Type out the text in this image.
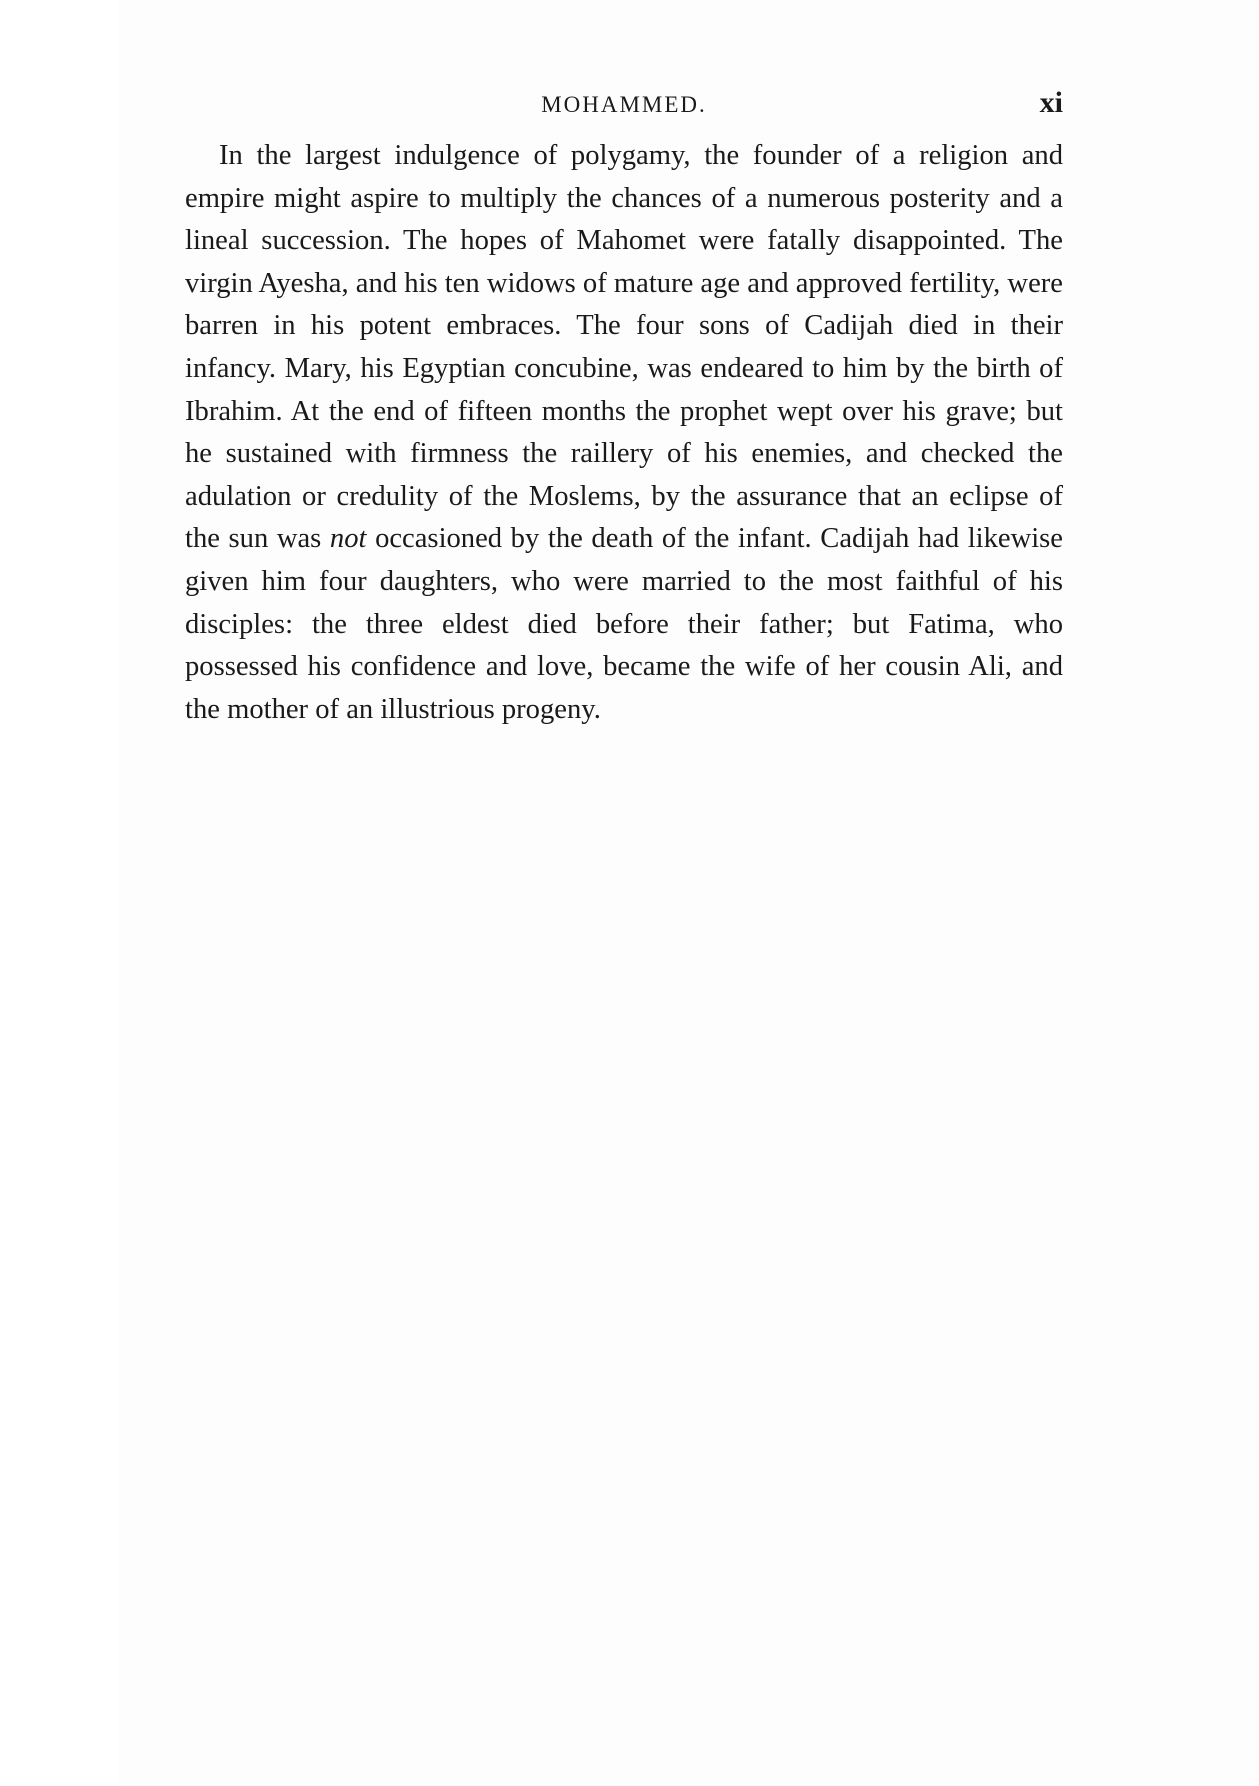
MOHAMMED.	xi

In the largest indulgence of polygamy, the founder of a religion and empire might aspire to multiply the chances of a numerous posterity and a lineal succession. The hopes of Mahomet were fatally disappointed. The virgin Ayesha, and his ten widows of mature age and approved fertility, were barren in his potent embraces. The four sons of Cadijah died in their infancy. Mary, his Egyptian concubine, was endeared to him by the birth of Ibrahim. At the end of fifteen months the prophet wept over his grave; but he sustained with firmness the raillery of his enemies, and checked the adulation or credulity of the Moslems, by the assurance that an eclipse of the sun was not occasioned by the death of the infant. Cadijah had likewise given him four daughters, who were married to the most faithful of his disciples: the three eldest died before their father; but Fatima, who possessed his confidence and love, became the wife of her cousin Ali, and the mother of an illustrious progeny.
